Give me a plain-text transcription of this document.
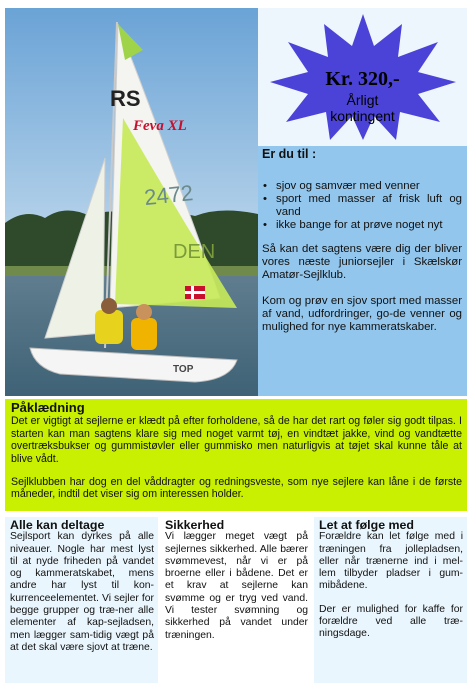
RS
Feva XL
2472
DEN
TOP
Kr. 320,-
Årligt
kontingent
Er du til :
• sjov og samvær med venner
• sport med masser af frisk luft og vand
• ikke bange for at prøve noget nyt

Så kan det sagtens være dig der bliver vores næste juniorsejler i Skælskør Amatør-Sejlklub.

Kom og prøv en sjov sport med masser af vand, udfordringer, go-de venner og mulighed for nye kammeratskaber.

Påklædning

Det er vigtigt at sejlerne er klædt på efter forholdene, så de har det rart og føler sig godt tilpas. I starten kan man sagtens klare sig med noget varmt tøj, en vindtæt jakke, vind og vandtætte overtræksbukser og gummistøvler eller gummisko men naturligvis at tøjet skal kunne tåle at blive vådt.

Sejlklubben har dog en del våddragter og redningsveste, som nye sejlere kan låne i de første måneder, indtil det viser sig om interessen holder.

Alle kan deltage

Sejlsport kan dyrkes på alle niveauer. Nogle har mest lyst til at nyde friheden på vandet og kammeratskabet, mens andre har lyst til kon-kurrenceelementet. Vi sejler for begge grupper og træ-ner alle elementer af kap-sejladsen, men lægger sam-tidig vægt på at det skal være sjovt at træne.

Sikkerhed

Vi lægger meget vægt på sejlernes sikkerhed. Alle bærer svømmevest, når vi er på broerne eller i bådene. Det er et krav at sejlerne kan svømme og er tryg ved vand. Vi tester svømning og sikkerhed på vandet under træningen.

Let at følge med

Forældre kan let følge med i træningen fra jollepladsen, eller når trænerne ind i mel-lem tilbyder pladser i gum-mibådene.

Der er mulighed for kaffe for forældre ved alle træ-ningsdage.
